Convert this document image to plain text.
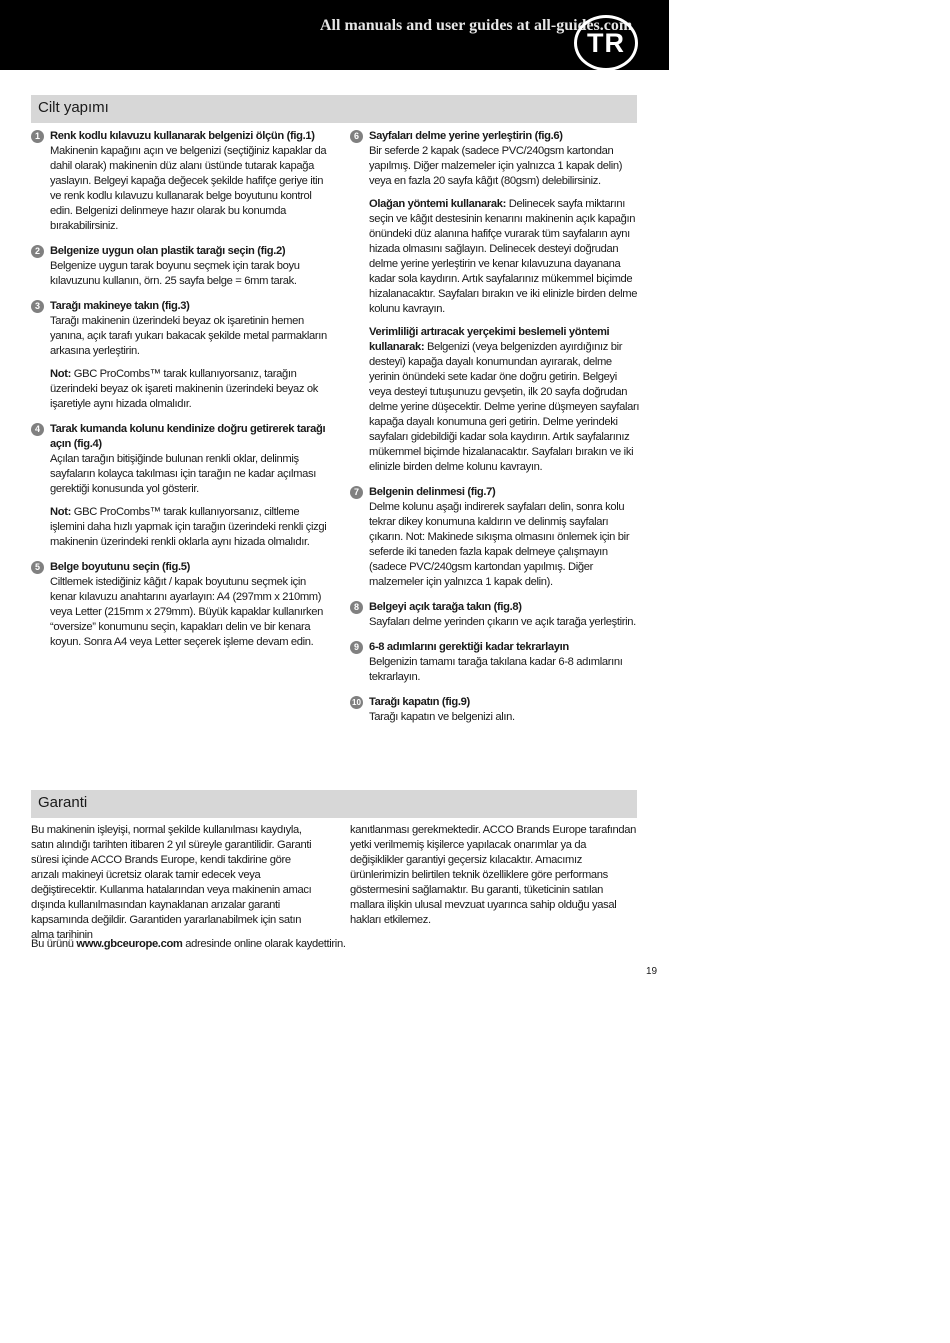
All manuals and user guides at all-guides.com
TR
Cilt yapımı
1 Renk kodlu kılavuzu kullanarak belgenizi ölçün (fig.1)
Makinenin kapağını açın ve belgenizi (seçtiğiniz kapaklar da dahil olarak) makinenin düz alanı üstünde tutarak kapağa yaslayın. Belgeyi kapağa değecek şekilde hafifçe geriye itin ve renk kodlu kılavuzu kullanarak belge boyutunu kontrol edin. Belgenizi delinmeye hazır olarak bu konumda bırakabilirsiniz.
2 Belgenize uygun olan plastik tarağı seçin (fig.2)
Belgenize uygun tarak boyunu seçmek için tarak boyu kılavuzunu kullanın, örn. 25 sayfa belge = 6mm tarak.
3 Tarağı makineye takın (fig.3)
Tarağı makinenin üzerindeki beyaz ok işaretinin hemen yanına, açık tarafı yukarı bakacak şekilde metal parmakların arkasına yerleştirin.
Not: GBC ProCombs™ tarak kullanıyorsanız, tarağın üzerindeki beyaz ok işareti makinenin üzerindeki beyaz ok işaretiyle aynı hizada olmalıdır.
4 Tarak kumanda kolunu kendinize doğru getirerek tarağı açın (fig.4)
Açılan tarağın bitişiğinde bulunan renkli oklar, delinmiş sayfaların kolayca takılması için tarağın ne kadar açılması gerektiği konusunda yol gösterir.
Not: GBC ProCombs™ tarak kullanıyorsanız, ciltleme işlemini daha hızlı yapmak için tarağın üzerindeki renkli çizgi makinenin üzerindeki renkli oklarla aynı hizada olmalıdır.
5 Belge boyutunu seçin (fig.5)
Ciltlemek istediğiniz kâğıt / kapak boyutunu seçmek için kenar kılavuzu anahtarını ayarlayın: A4 (297mm x 210mm) veya Letter (215mm x 279mm). Büyük kapaklar kullanırken “oversize” konumunu seçin, kapakları delin ve bir kenara koyun. Sonra A4 veya Letter seçerek işleme devam edin.
6 Sayfaları delme yerine yerleştirin (fig.6)
Bir seferde 2 kapak (sadece PVC/240gsm kartondan yapılmış. Diğer malzemeler için yalnızca 1 kapak delin) veya en fazla 20 sayfa kâğıt (80gsm) delebilirsiniz.
Olağan yöntemi kullanarak: Delinecek sayfa miktarını seçin ve kâğıt destesinin kenarını makinenin açık kapağın önündeki düz alanına hafifçe vurarak tüm sayfaların aynı hizada olmasını sağlayın. Delinecek desteyi doğrudan delme yerine yerleştirin ve kenar kılavuzuna dayanana kadar sola kaydırın. Artık sayfalarınız mükemmel biçimde hizalanacaktır. Sayfaları bırakın ve iki elinizle birden delme kolunu kavrayın.
Verimliliği artıracak yerçekimi beslemeli yöntemi kullanarak: Belgenizi (veya belgenizden ayırdığınız bir desteyi) kapağa dayalı konumundan ayırarak, delme yerinin önündeki sete kadar öne doğru getirin. Belgeyi veya desteyi tutuşunuzu gevşetin, ilk 20 sayfa doğrudan delme yerine düşecektir. Delme yerine düşmeyen sayfaları kapağa dayalı konumuna geri getirin. Delme yerindeki sayfaları gidebildiği kadar sola kaydırın. Artık sayfalarınız mükemmel biçimde hizalanacaktır. Sayfaları bırakın ve iki elinizle birden delme kolunu kavrayın.
7 Belgenin delinmesi (fig.7)
Delme kolunu aşağı indirerek sayfaları delin, sonra kolu tekrar dikey konumuna kaldırın ve delinmiş sayfaları çıkarın. Not: Makinede sıkışma olmasını önlemek için bir seferde iki taneden fazla kapak delmeye çalışmayın (sadece PVC/240gsm kartondan yapılmış. Diğer malzemeler için yalnızca 1 kapak delin).
8 Belgeyi açık tarağa takın (fig.8)
Sayfaları delme yerinden çıkarın ve açık tarağa yerleştirin.
9 6-8 adımlarını gerektiği kadar tekrarlayın
Belgenizin tamamı tarağa takılana kadar 6-8 adımlarını tekrarlayın.
10 Tarağı kapatın (fig.9)
Tarağı kapatın ve belgenizi alın.
Garanti
Bu makinenin işleyişi, normal şekilde kullanılması kaydıyla, satın alındığı tarihten itibaren 2 yıl süreyle garantilidir. Garanti süresi içinde ACCO Brands Europe, kendi takdirine göre arızalı makineyi ücretsiz olarak tamir edecek veya değiştirecektir. Kullanma hatalarından veya makinenin amacı dışında kullanılmasından kaynaklanan arızalar garanti kapsamında değildir. Garantiden yararlanabilmek için satın alma tarihinin
kanıtlanması gerekmektedir. ACCO Brands Europe tarafından yetki verilmemiş kişilerce yapılacak onarımlar ya da değişiklikler garantiyi geçersiz kılacaktır. Amacımız ürünlerimizin belirtilen teknik özelliklere göre performans göstermesini sağlamaktır. Bu garanti, tüketicinin satılan mallara ilişkin ulusal mevzuat uyarınca sahip olduğu yasal hakları etkilemez.
Bu ürünü www.gbceurope.com adresinde online olarak kaydettirin.
19
